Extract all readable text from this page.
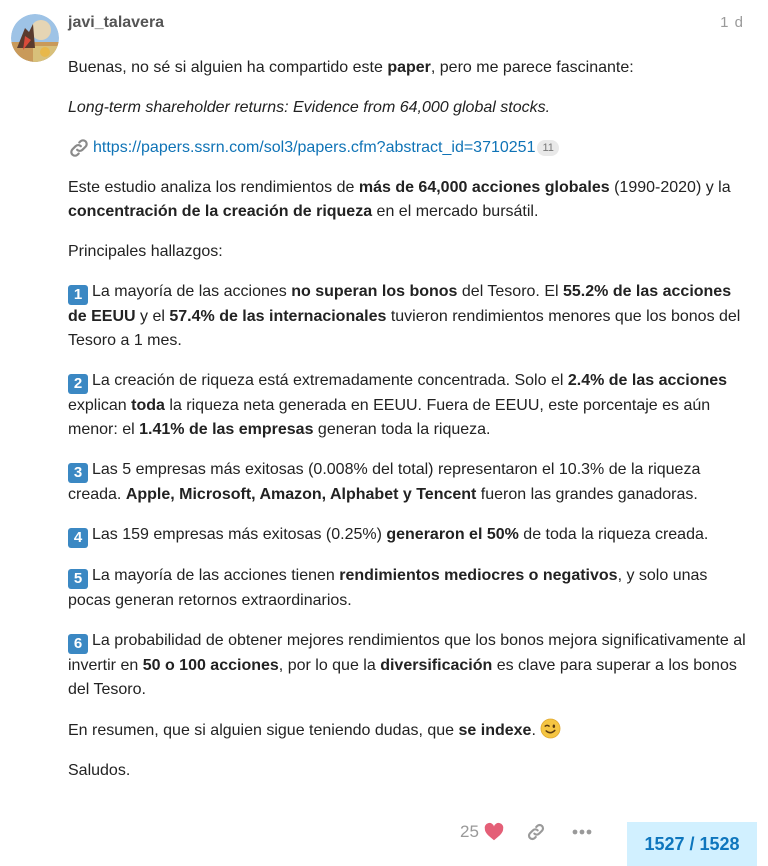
javi_talavera	1 d

Buenas, no sé si alguien ha compartido este paper, pero me parece fascinante:

Long-term shareholder returns: Evidence from 64,000 global stocks.

https://papers.ssrn.com/sol3/papers.cfm?abstract_id=3710251 11

Este estudio analiza los rendimientos de más de 64,000 acciones globales (1990-2020) y la concentración de la creación de riqueza en el mercado bursátil.

Principales hallazgos:

1 La mayoría de las acciones no superan los bonos del Tesoro. El 55.2% de las acciones de EEUU y el 57.4% de las internacionales tuvieron rendimientos menores que los bonos del Tesoro a 1 mes.

2 La creación de riqueza está extremadamente concentrada. Solo el 2.4% de las acciones explican toda la riqueza neta generada en EEUU. Fuera de EEUU, este porcentaje es aún menor: el 1.41% de las empresas generan toda la riqueza.

3 Las 5 empresas más exitosas (0.008% del total) representaron el 10.3% de la riqueza creada. Apple, Microsoft, Amazon, Alphabet y Tencent fueron las grandes ganadoras.

4 Las 159 empresas más exitosas (0.25%) generaron el 50% de toda la riqueza creada.

5 La mayoría de las acciones tienen rendimientos mediocres o negativos, y solo unas pocas generan retornos extraordinarios.

6 La probabilidad de obtener mejores rendimientos que los bonos mejora significativamente al invertir en 50 o 100 acciones, por lo que la diversificación es clave para superar a los bonos del Tesoro.

En resumen, que si alguien sigue teniendo dudas, que se indexe.

Saludos.

25
1527 / 1528
